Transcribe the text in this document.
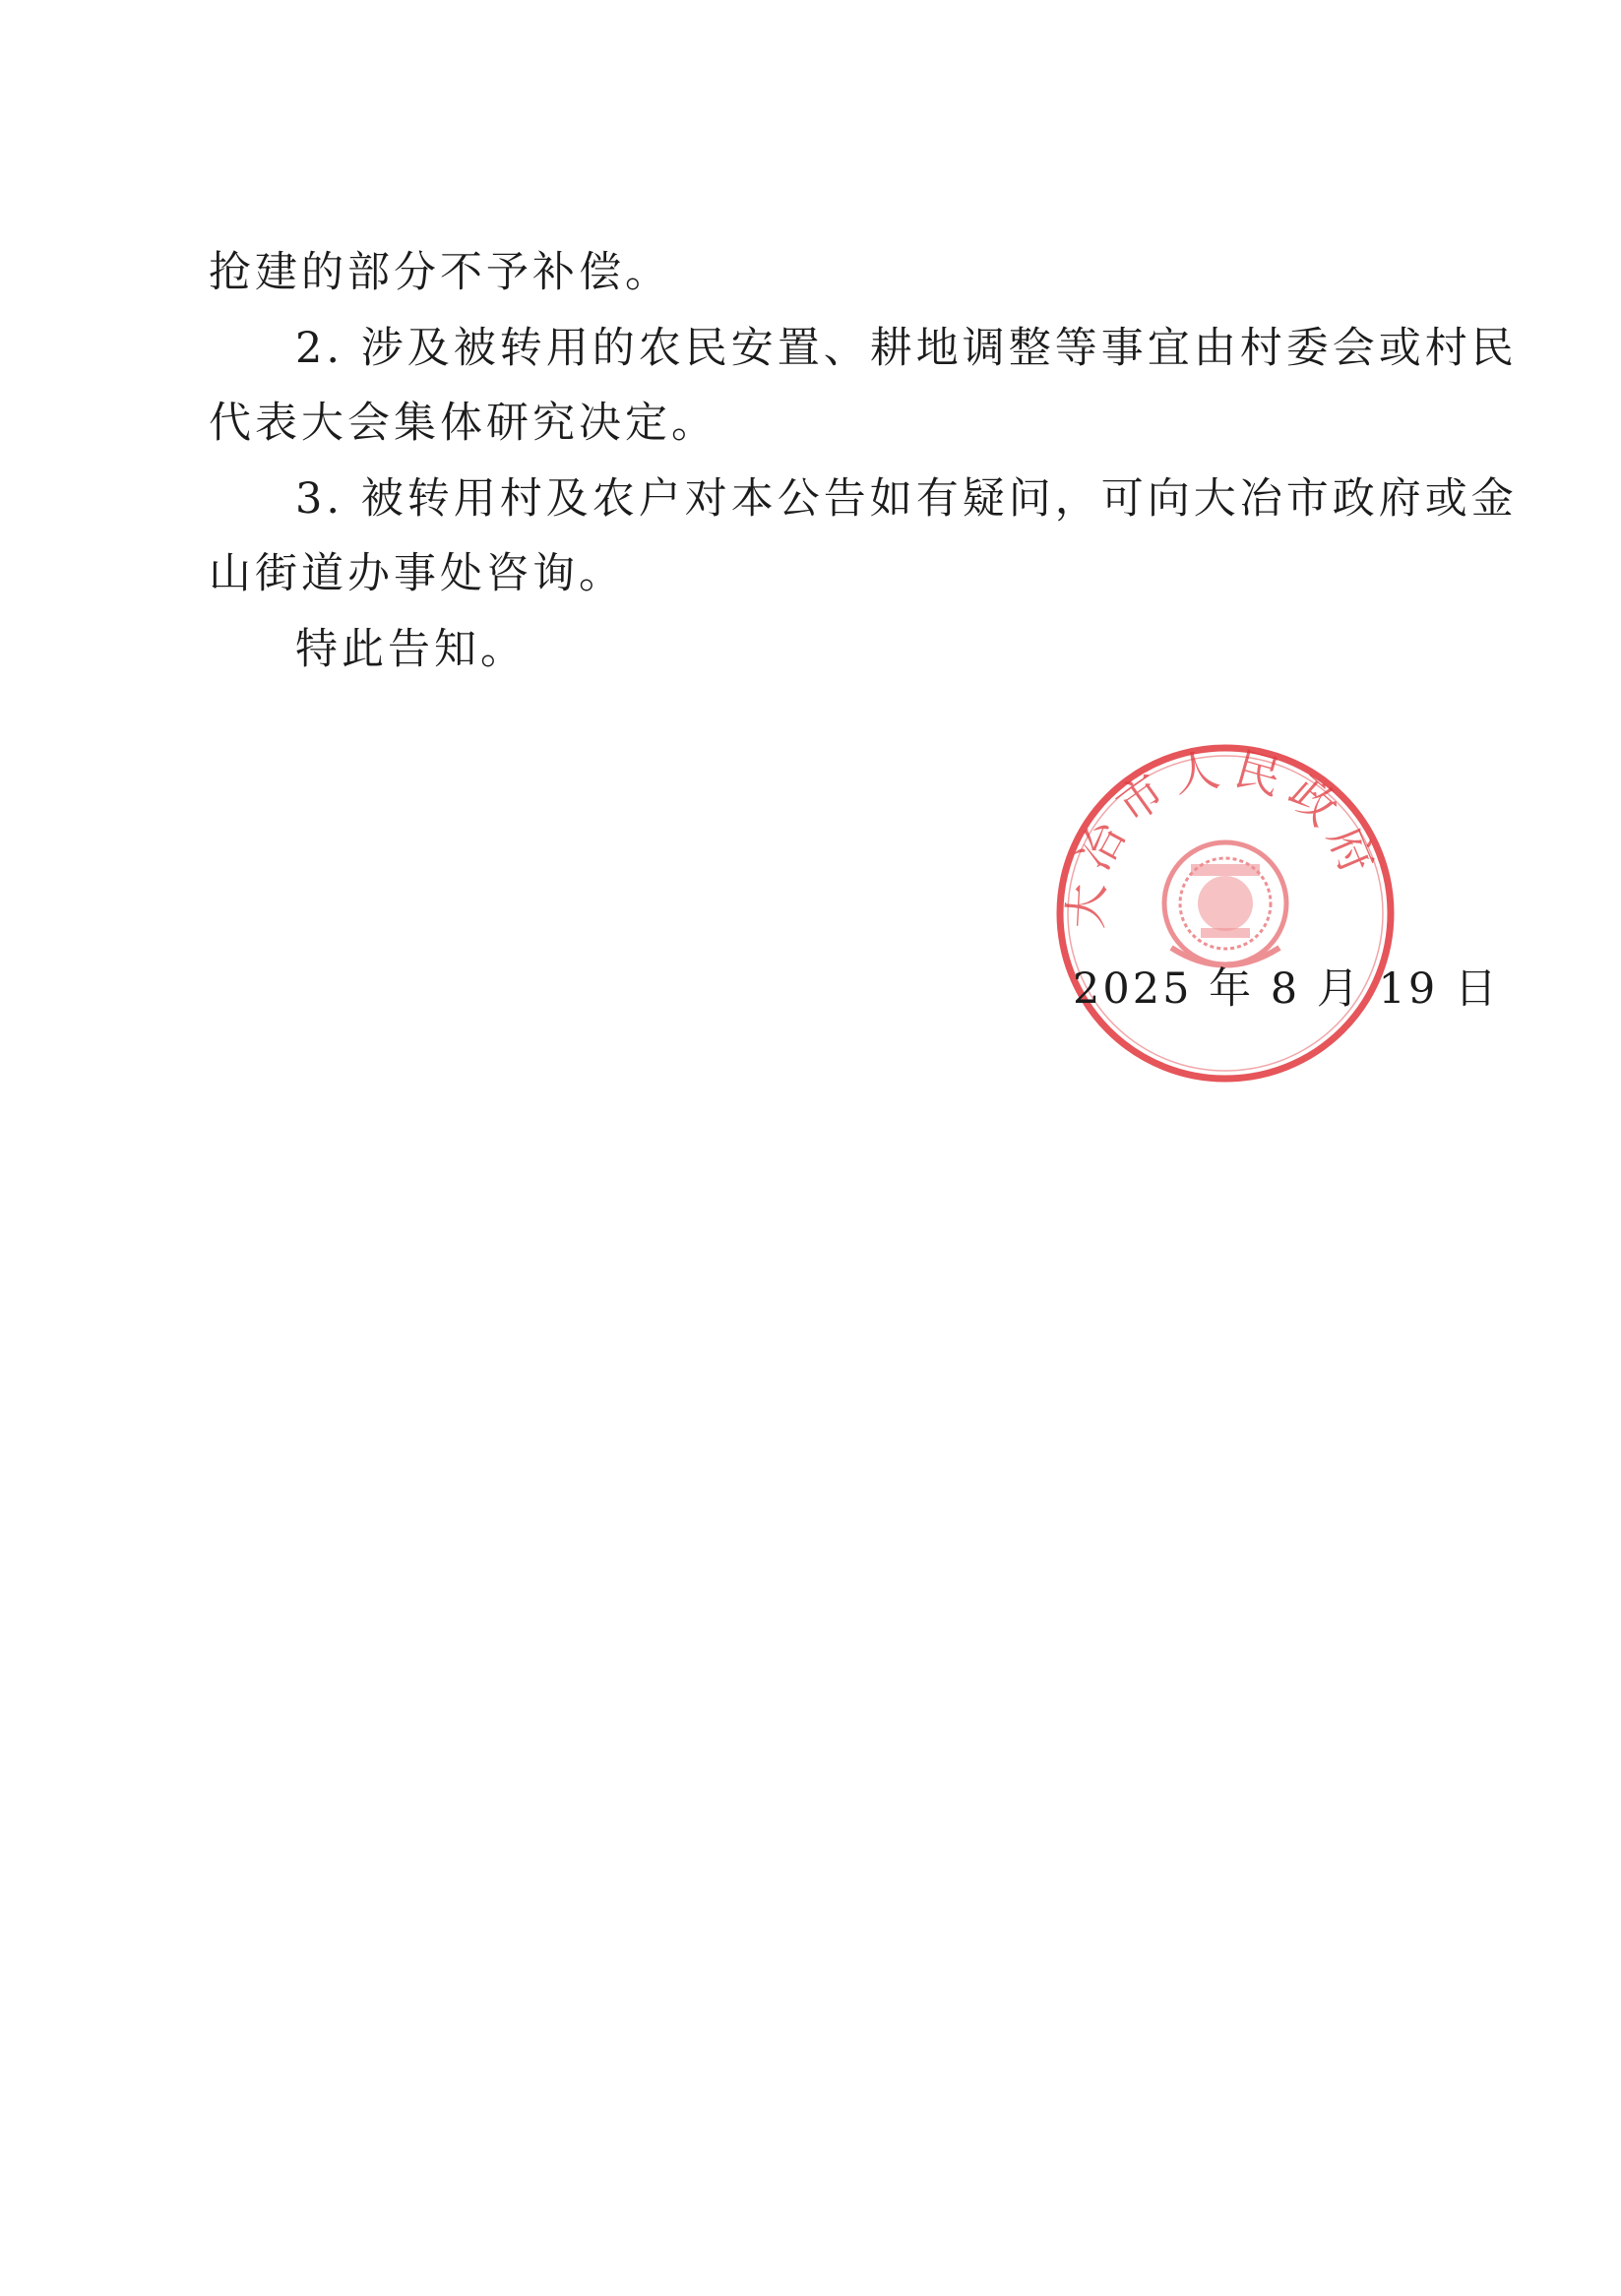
抢建的部分不予补偿。
2. 涉及被转用的农民安置、耕地调整等事宜由村委会或村民
代表大会集体研究决定。
3. 被转用村及农户对本公告如有疑问，可向大冶市政府或金
山街道办事处咨询。
特此告知。
大冶市人民政府
2025 年 8 月 19 日
